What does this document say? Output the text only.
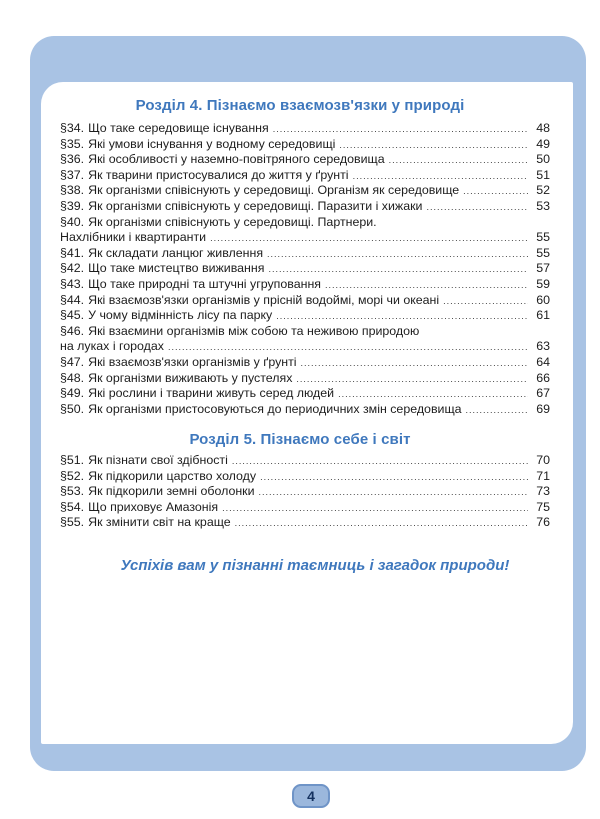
Розділ 4. Пізнаємо взаємозв'язки у природі
§34. Що таке середовище існування .....	48
§35. Які умови існування у водному середовищі .....	49
§36. Які особливості у наземно-повітряного середовища .....	50
§37. Як тварини пристосувалися до життя у ґрунті .....	51
§38. Як організми співіснують у середовищі. Організм як середовище .....	52
§39. Як організми співіснують у середовищі. Паразити і хижаки .....	53
§40. Як організми співіснують у середовищі. Партнери.
Нахлібники і квартиранти .....	55
§41. Як складати ланцюг живлення .....	55
§42. Що таке мистецтво виживання .....	57
§43. Що таке природні та штучні угруповання .....	59
§44. Які взаємозв'язки організмів у прісній водоймі, морі чи океані .....	60
§45. У чому відмінність лісу па парку .....	61
§46. Які взаємини організмів між собою та неживою природою
на луках і городах .....	63
§47. Які взаємозв'язки організмів у ґрунті .....	64
§48. Як організми виживають у пустелях .....	66
§49. Які рослини і тварини живуть серед людей .....	67
§50. Як організми пристосовуються до периодичних змін середовища .....	69
Розділ 5. Пізнаємо себе і світ
§51. Як пізнати свої здібності .....	70
§52. Як підкорили царство холоду .....	71
§53. Як підкорили земні оболонки .....	73
§54. Що приховує Амазонія .....	75
§55. Як змінити світ на краще .....	76
Успіхів вам у пізнанні таємниць і загадок природи!
4
